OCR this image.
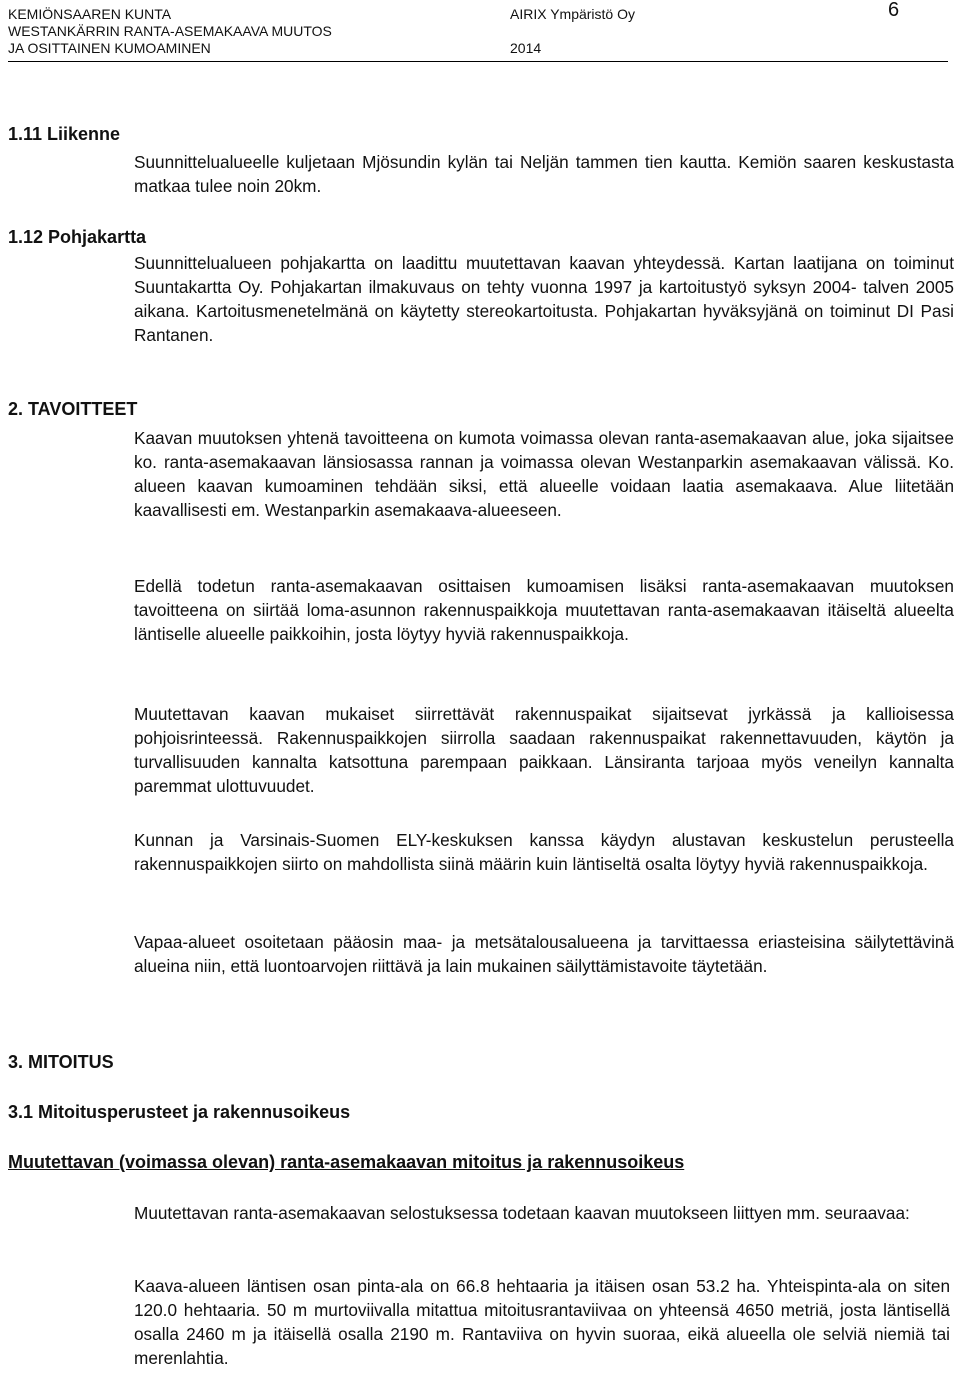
KEMIÖNSAAREN KUNTA	AIRIX Ympäristö Oy	6
WESTANKÄRRIN RANTA-ASEMAKAAVA MUUTOS
JA OSITTAINEN KUMOAMINEN	2014
1.11 Liikenne

Suunnittelualueelle kuljetaan Mjösundin kylän tai Neljän tammen tien kautta. Kemiön saaren keskustasta matkaa tulee noin 20km.

1.12 Pohjakartta

Suunnittelualueen pohjakartta on laadittu muutettavan kaavan yhteydessä. Kartan laatijana on toiminut Suuntakartta Oy. Pohjakartan ilmakuvaus on tehty vuonna 1997 ja kartoitustyö syksyn 2004- talven 2005 aikana. Kartoitusmenetelmänä on käytetty stereokartoitusta. Pohjakartan hyväksyjänä on toiminut DI Pasi Rantanen.

2. TAVOITTEET

Kaavan muutoksen yhtenä tavoitteena on kumota voimassa olevan ranta-asemakaavan alue, joka sijaitsee ko. ranta-asemakaavan länsiosassa rannan ja voimassa olevan Westanparkin asemakaavan välissä. Ko. alueen kaavan kumoaminen tehdään siksi, että alueelle voidaan laatia asemakaava. Alue liitetään kaavallisesti em. Westanparkin asemakaava-alueeseen.

Edellä todetun ranta-asemakaavan osittaisen kumoamisen lisäksi ranta-asemakaavan muutoksen tavoitteena on siirtää loma-asunnon rakennuspaikkoja muutettavan ranta-asemakaavan itäiseltä alueelta läntiselle alueelle paikkoihin, josta löytyy hyviä rakennuspaikkoja.

Muutettavan kaavan mukaiset siirrettävät rakennuspaikat sijaitsevat jyrkässä ja kallioisessa pohjoisrinteessä. Rakennuspaikkojen siirrolla saadaan rakennuspaikat rakennettavuuden, käytön ja turvallisuuden kannalta katsottuna parempaan paikkaan. Länsiranta tarjoaa myös veneilyn kannalta paremmat ulottuvuudet.

Kunnan ja Varsinais-Suomen ELY-keskuksen kanssa käydyn alustavan keskustelun perusteella rakennuspaikkojen siirto on mahdollista siinä määrin kuin läntiseltä osalta löytyy hyviä rakennuspaikkoja.

Vapaa-alueet osoitetaan pääosin maa- ja metsätalousalueena ja tarvittaessa eriasteisina säilytettävinä alueina niin, että luontoarvojen riittävä ja lain mukainen säilyttämistavoite täytetään.

3. MITOITUS
3.1 Mitoitusperusteet ja rakennusoikeus
Muutettavan (voimassa olevan) ranta-asemakaavan mitoitus ja rakennusoikeus

Muutettavan ranta-asemakaavan selostuksessa todetaan kaavan muutokseen liittyen mm. seuraavaa:

Kaava-alueen läntisen osan pinta-ala on 66.8 hehtaaria ja itäisen osan 53.2 ha. Yhteispinta-ala on siten 120.0 hehtaaria. 50 m murtoviivalla mitattua mitoitusrantaviivaa on yhteensä 4650 metriä, josta läntisellä osalla 2460 m ja itäisellä osalla 2190 m. Rantaviiva on hyvin suoraa, eikä alueella ole selviä niemiä tai merenlahtia.
